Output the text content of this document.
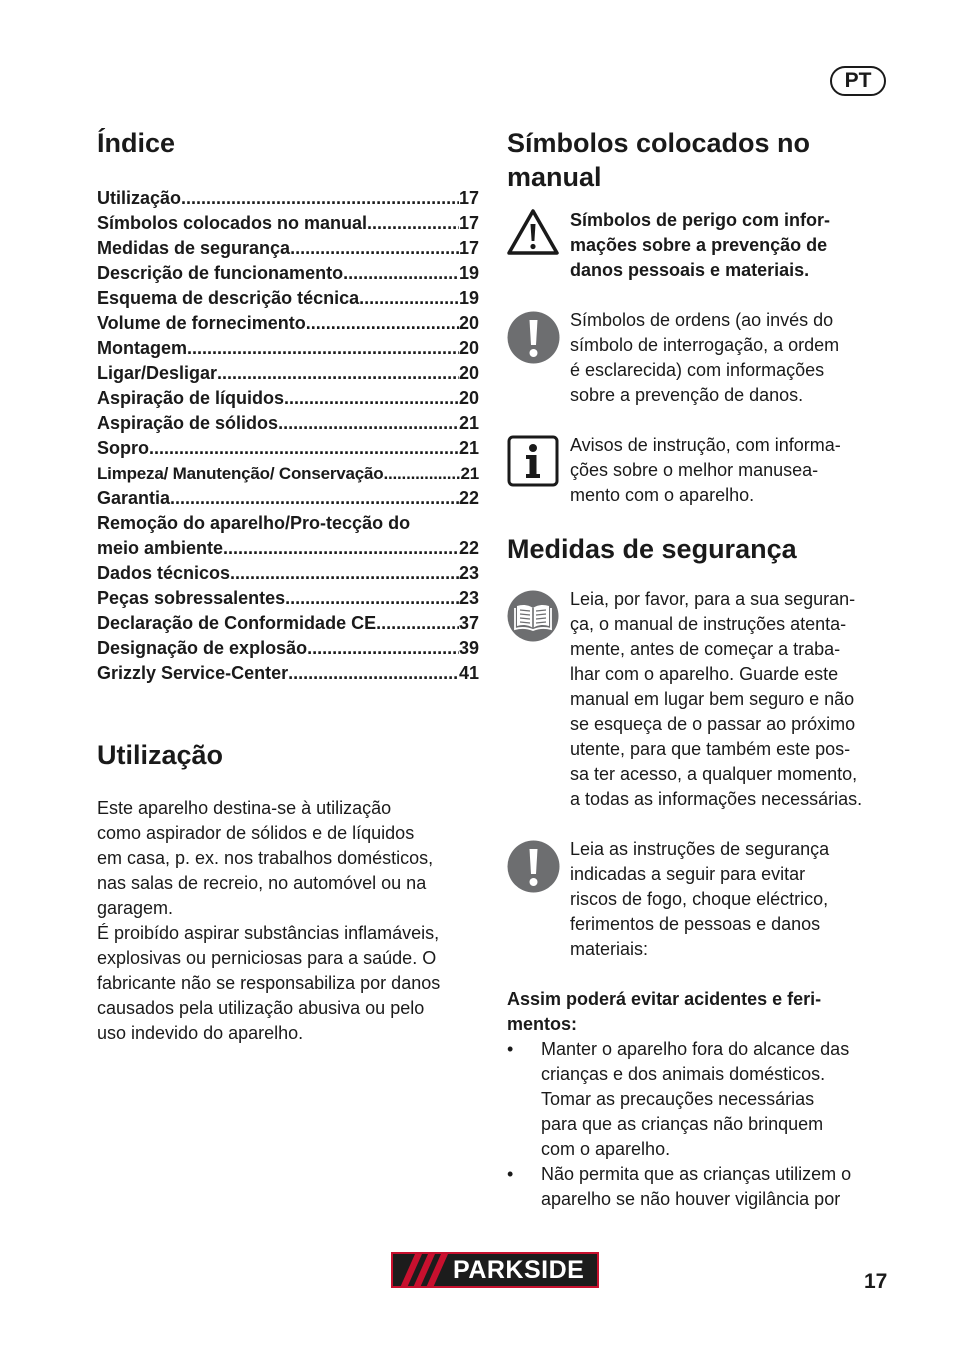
PT
Índice
Utilização .....	17
Símbolos colocados no manual .....	17
Medidas de segurança .....	17
Descrição de funcionamento .....	19
Esquema de descrição técnica .....	19
Volume de fornecimento .....	20
Montagem .....	20
Ligar/Desligar .....	20
Aspiração de líquidos .....	20
Aspiração de sólidos .....	21
Sopro .....	21
Limpeza/ Manutenção/ Conservação .....	21
Garantia .....	22
Remoção do aparelho/Pro-tecção do
meio ambiente .....	22
Dados técnicos .....	23
Peças sobressalentes .....	23
Declaração de Conformidade CE .....	37
Designação de explosão .....	39
Grizzly Service-Center .....	41
Utilização
Este aparelho destina-se à utilização
como aspirador de sólidos e de líquidos
em casa, p. ex. nos trabalhos domésticos,
nas salas de recreio, no automóvel ou na
garagem.
É proibído aspirar substâncias inflamáveis,
explosivas ou perniciosas para a saúde. O
fabricante não se responsabiliza por danos
causados pela utilização abusiva ou pelo
uso indevido do aparelho.
Símbolos colocados no
manual
Símbolos de perigo com infor-
mações sobre a prevenção de
danos pessoais e materiais.
Símbolos de ordens (ao invés do
símbolo de interrogação, a ordem
é esclarecida) com informações
sobre a prevenção de danos.
Avisos de instrução, com informa-
ções sobre o melhor manusea-
mento com o aparelho.
Medidas de segurança
Leia, por favor, para a sua seguran-
ça, o manual de instruções atenta-
mente, antes de começar a traba-
lhar com o aparelho. Guarde este
manual em lugar bem seguro e não
se esqueça de o passar ao próximo
utente, para que também este pos-
sa ter acesso, a qualquer momento,
a todas as informações necessárias.
Leia as instruções de segurança
indicadas a seguir para evitar
riscos de fogo, choque eléctrico,
ferimentos de pessoas e danos
materiais:
Assim poderá evitar acidentes e feri-
mentos:
• Manter o aparelho fora do alcance das
crianças e dos animais domésticos.
Tomar as precauções necessárias
para que as crianças não brinquem
com o aparelho.
• Não permita que as crianças utilizem o
aparelho se não houver vigilância por
PARKSIDE	17
